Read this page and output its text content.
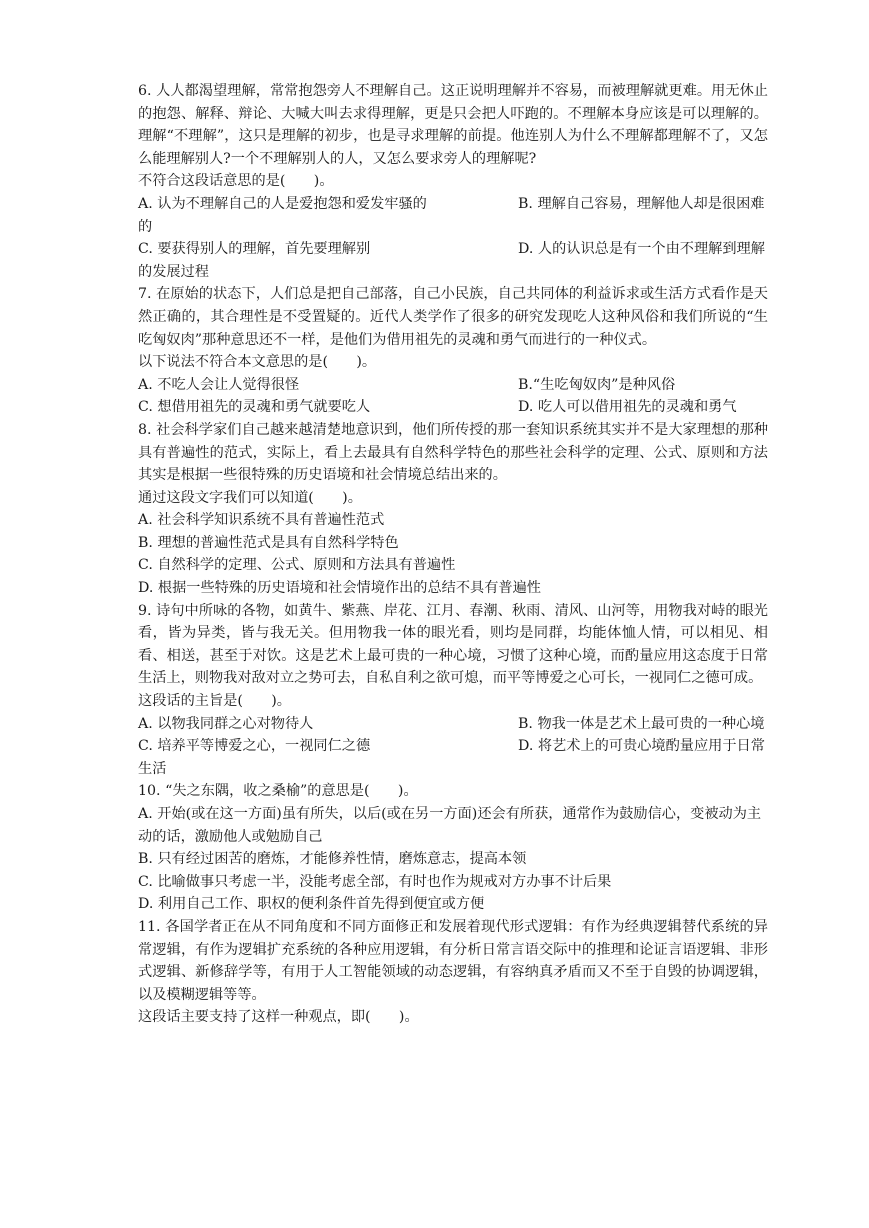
6. 人人都渴望理解，常常抱怨旁人不理解自己。这正说明理解并不容易，而被理解就更难。用无休止的抱怨、解释、辩论、大喊大叫去求得理解，更是只会把人吓跑的。不理解本身应该是可以理解的。理解“不理解”，这只是理解的初步，也是寻求理解的前提。他连别人为什么不理解都理解不了，又怎么能理解别人?一个不理解别人的人，又怎么要求旁人的理解呢?

不符合这段话意思的是(　　)。

A. 认为不理解自己的人是爱抱怨和爱发牢骚的	B. 理解自己容易，理解他人却是很困难的

C. 要获得别人的理解，首先要理解别	D. 人的认识总是有一个由不理解到理解的发展过程

7. 在原始的状态下，人们总是把自己部落，自己小民族，自己共同体的利益诉求或生活方式看作是天然正确的，其合理性是不受置疑的。近代人类学作了很多的研究发现吃人这种风俗和我们所说的“生吃匈奴肉”那种意思还不一样，是他们为借用祖先的灵魂和勇气而进行的一种仪式。

以下说法不符合本文意思的是(　　)。

A. 不吃人会让人觉得很怪	B.“生吃匈奴肉”是种风俗
C. 想借用祖先的灵魂和勇气就要吃人	D. 吃人可以借用祖先的灵魂和勇气

8. 社会科学家们自己越来越清楚地意识到，他们所传授的那一套知识系统其实并不是大家理想的那种具有普遍性的范式，实际上，看上去最具有自然科学特色的那些社会科学的定理、公式、原则和方法其实是根据一些很特殊的历史语境和社会情境总结出来的。

通过这段文字我们可以知道(　　)。

A. 社会科学知识系统不具有普遍性范式

B. 理想的普遍性范式是具有自然科学特色

C. 自然科学的定理、公式、原则和方法具有普遍性

D. 根据一些特殊的历史语境和社会情境作出的总结不具有普遍性

9. 诗句中所咏的各物，如黄牛、紫燕、岸花、江月、春潮、秋雨、清风、山河等，用物我对峙的眼光看，皆为异类，皆与我无关。但用物我一体的眼光看，则均是同群，均能体恤人情，可以相见、相看、相送，甚至于对饮。这是艺术上最可贵的一种心境，习惯了这种心境，而酌量应用这态度于日常生活上，则物我对敌对立之势可去，自私自利之欲可熄，而平等博爱之心可长，一视同仁之德可成。

这段话的主旨是(　　)。

A. 以物我同群之心对物待人	B. 物我一体是艺术上最可贵的一种心境

C. 培养平等博爱之心，一视同仁之德	D. 将艺术上的可贵心境酌量应用于日常生活

10. “失之东隅，收之桑榆”的意思是(　　)。

A. 开始(或在这一方面)虽有所失，以后(或在另一方面)还会有所获，通常作为鼓励信心，变被动为主动的话，激励他人或勉励自己

B. 只有经过困苦的磨炼，才能修养性情，磨炼意志，提高本领

C. 比喻做事只考虑一半，没能考虑全部，有时也作为规戒对方办事不计后果

D. 利用自己工作、职权的便利条件首先得到便宜或方便

11. 各国学者正在从不同角度和不同方面修正和发展着现代形式逻辑：有作为经典逻辑替代系统的异常逻辑，有作为逻辑扩充系统的各种应用逻辑，有分析日常言语交际中的推理和论证言语逻辑、非形式逻辑、新修辞学等，有用于人工智能领域的动态逻辑，有容纳真矛盾而又不至于自毁的协调逻辑，以及模糊逻辑等等。

这段话主要支持了这样一种观点，即(　　)。
